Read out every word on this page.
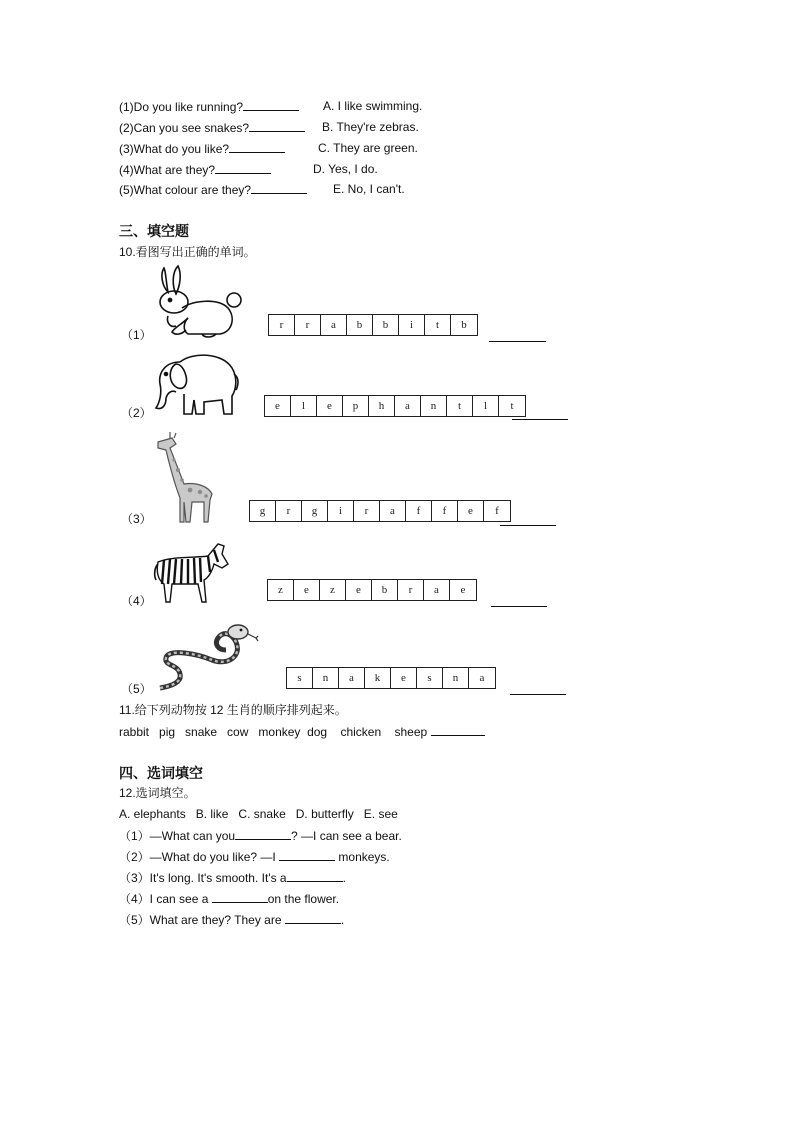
(1)Do you like running?	A. I like swimming.
(2)Can you see snakes?	B. They're zebras.
(3)What do you like?	C. They are green.
(4)What are they?	D. Yes, I do.
(5)What colour are they?	E. No, I can't.
三、填空题
10.看图写出正确的单词。
（1）
r	r	a	b	b	i	t	b
（2）	e	l	e	p	h	a	n	t	l	t
（3）
g	r	g	i	r	a	f	f	e	f
（4）
z	e	z	e	b	r	a	e
（5）
s	n	a	k	e	s	n	a
11.给下列动物按 12 生肖的顺序排列起来。
rabbit   pig   snake   cow   monkey  dog    chicken    sheep
四、选词填空
12.选词填空。
A. elephants   B. like   C. snake   D. butterfly   E. see
（1）—What can you	? —I can see a bear.
（2）—What do you like? —I	monkeys.
（3）It's long. It's smooth. It's a	.
（4）I can see a	on the flower.
（5）What are they? They are	.
